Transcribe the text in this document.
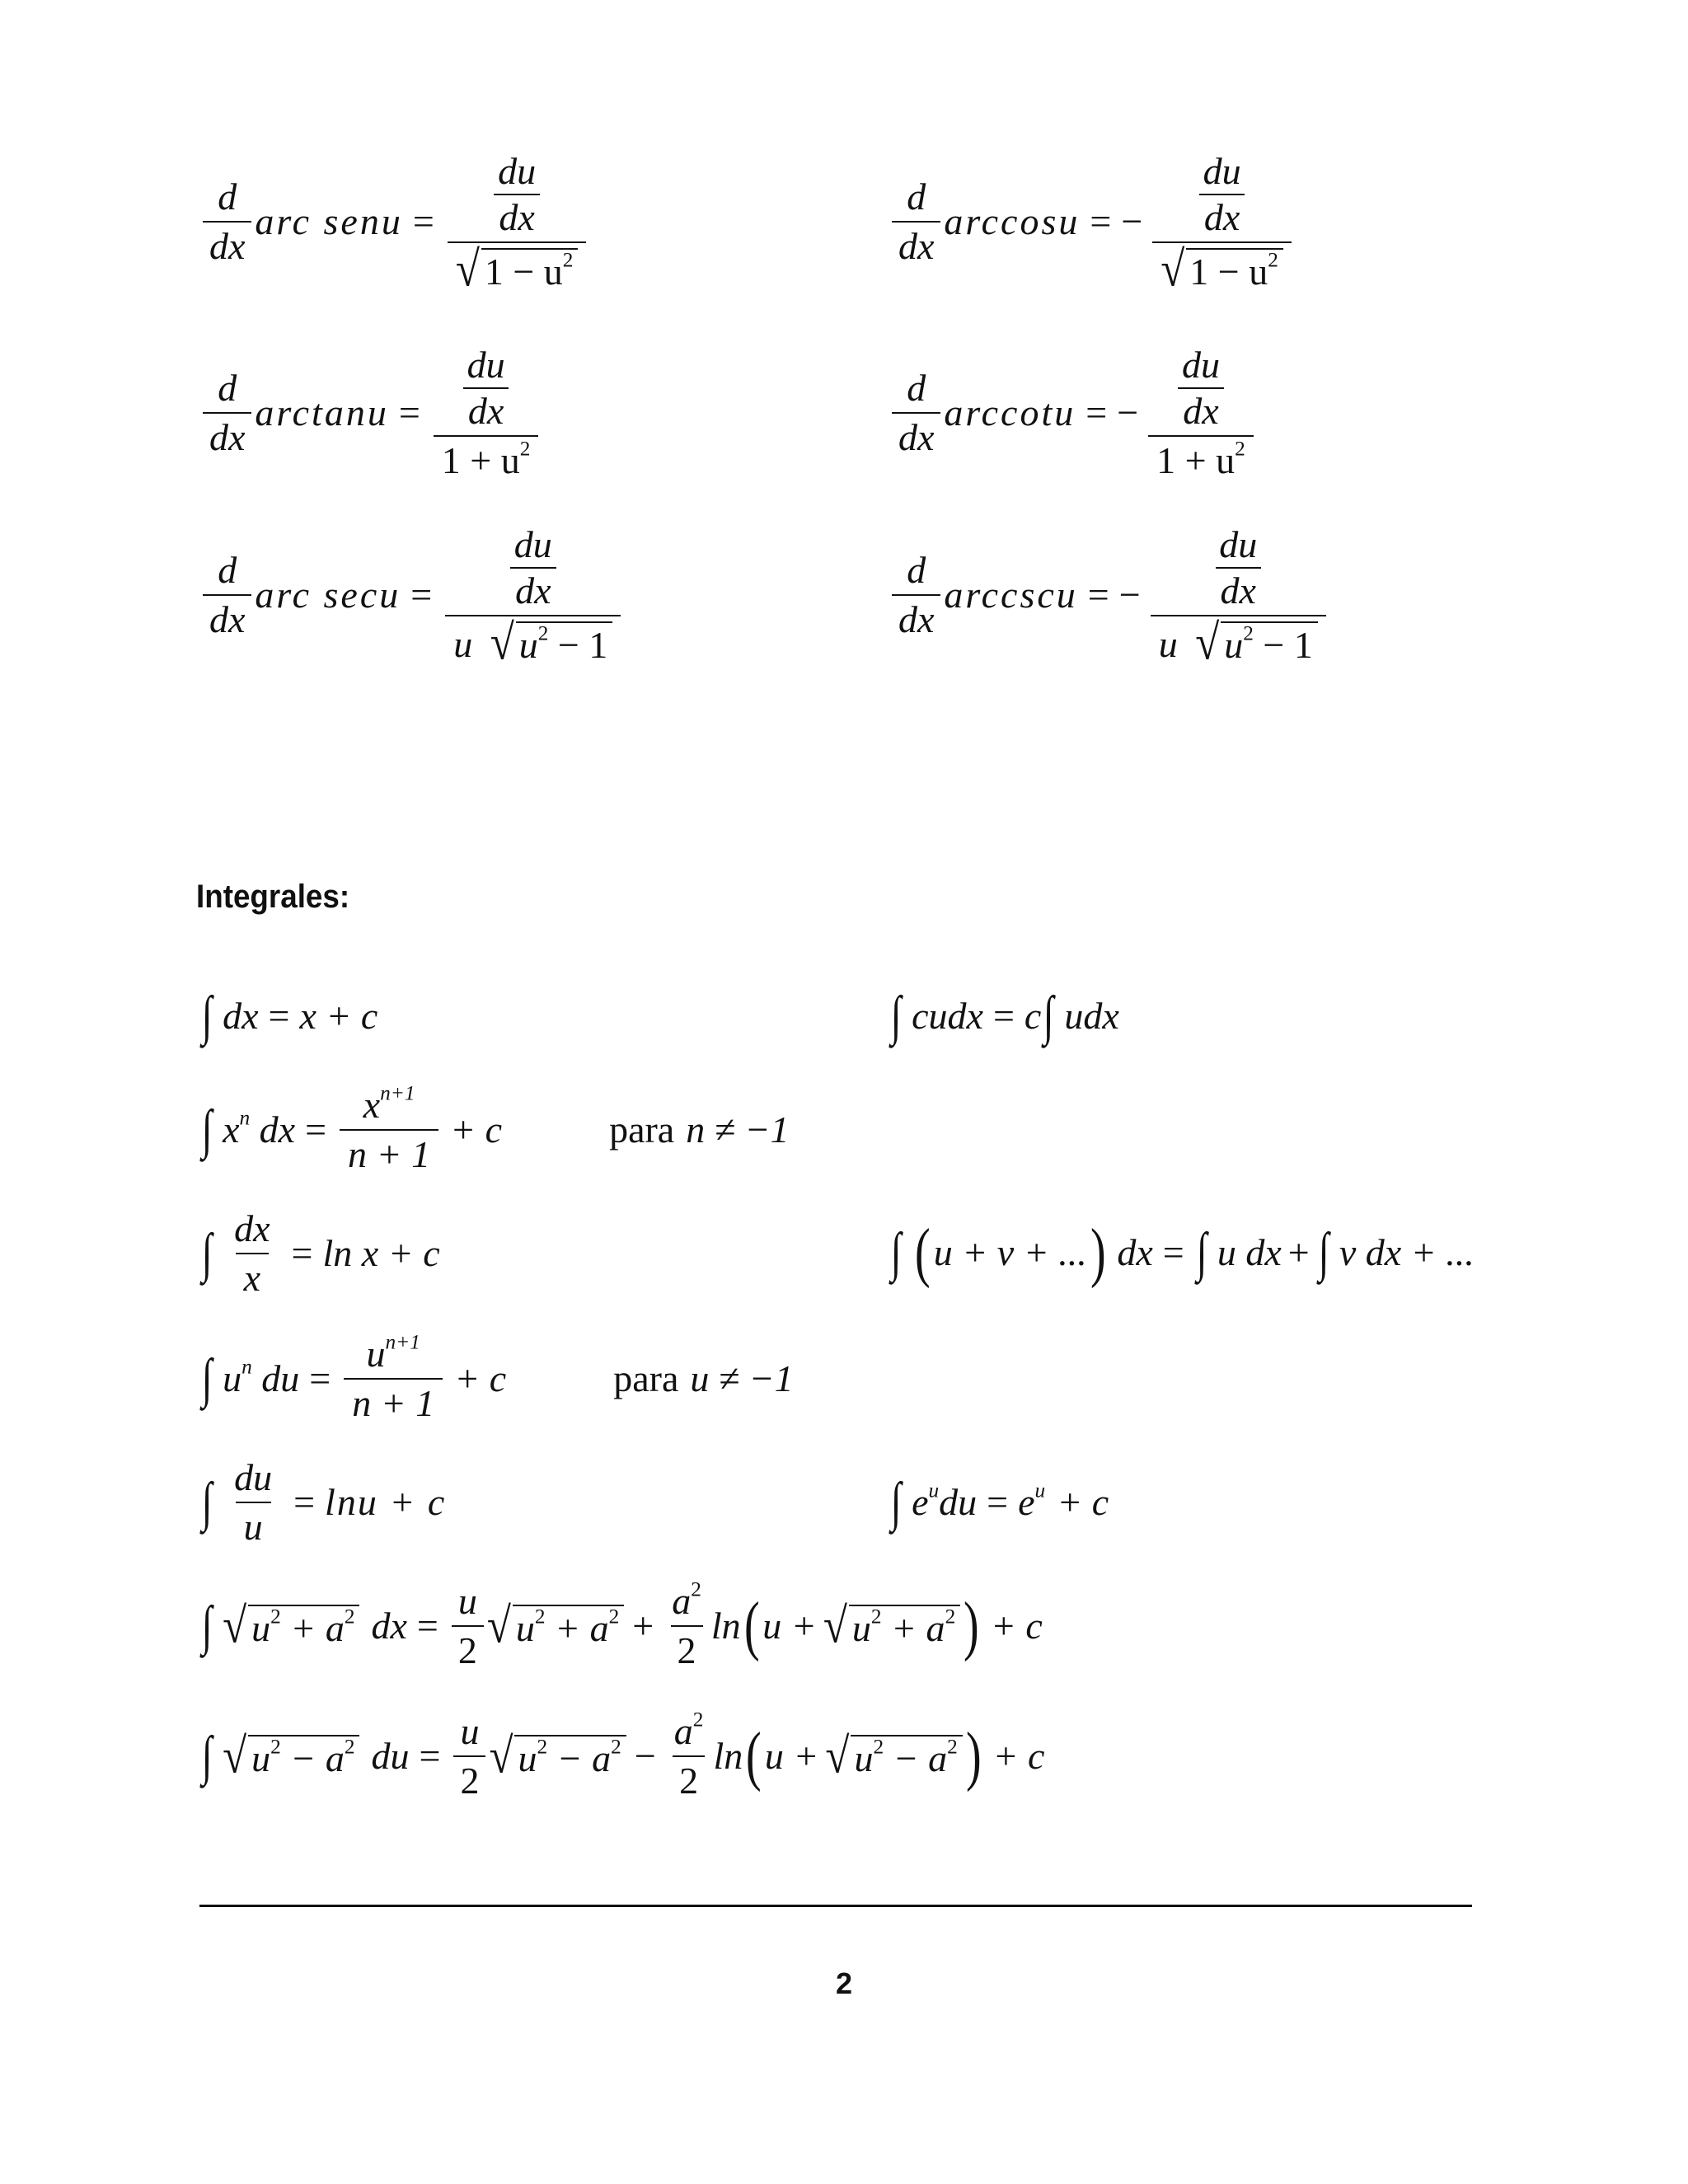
$\frac{d}{dx}$ arc senu = du
dx
√ $1 - u^2$	$\frac{d}{dx}$ arccosu = − du
dx
√ $1 - u^2$
$\frac{d}{dx}$ arctanu = du
dx
$1 + u^2$	$\frac{d}{dx}$ arccotu = − du
dx
$1 + u^2$
$\frac{d}{dx}$ arc secu = du
dx
u √ $u^2 - 1$	$\frac{d}{dx}$ arccscu = − du
dx
u √ $u^2 - 1$
Integrales:
∫ dx = x + c	∫ cudx = c ∫ udx
∫ $x^n$ dx = $\frac{x^{n+1}}{n + 1} + c$	para n ≠ −1
∫ $\frac{dx}{x} = \ln x + c$	∫ ( u + v + ... ) dx = ∫ u dx + ∫ v dx + ...
∫ $u^n$ du = $\frac{u^{n+1}}{n + 1} + c$	para u ≠ −1
∫ $\frac{du}{u} = \ln u + c$	∫ $e^udu = e^u + c$
∫ √ $u^2 + a^2$ dx = $\frac{u}{2}$ √ $u^2 + a^2 + \frac{a^2}{2}$ ln ( u + √ $u^2 + a^2$ ) + c
∫ √ $u^2 - a^2$ du = $\frac{u}{2}$ √ $u^2 - a^2 - \frac{a^2}{2}$ ln ( u + √ $u^2 - a^2$ ) + c
2
